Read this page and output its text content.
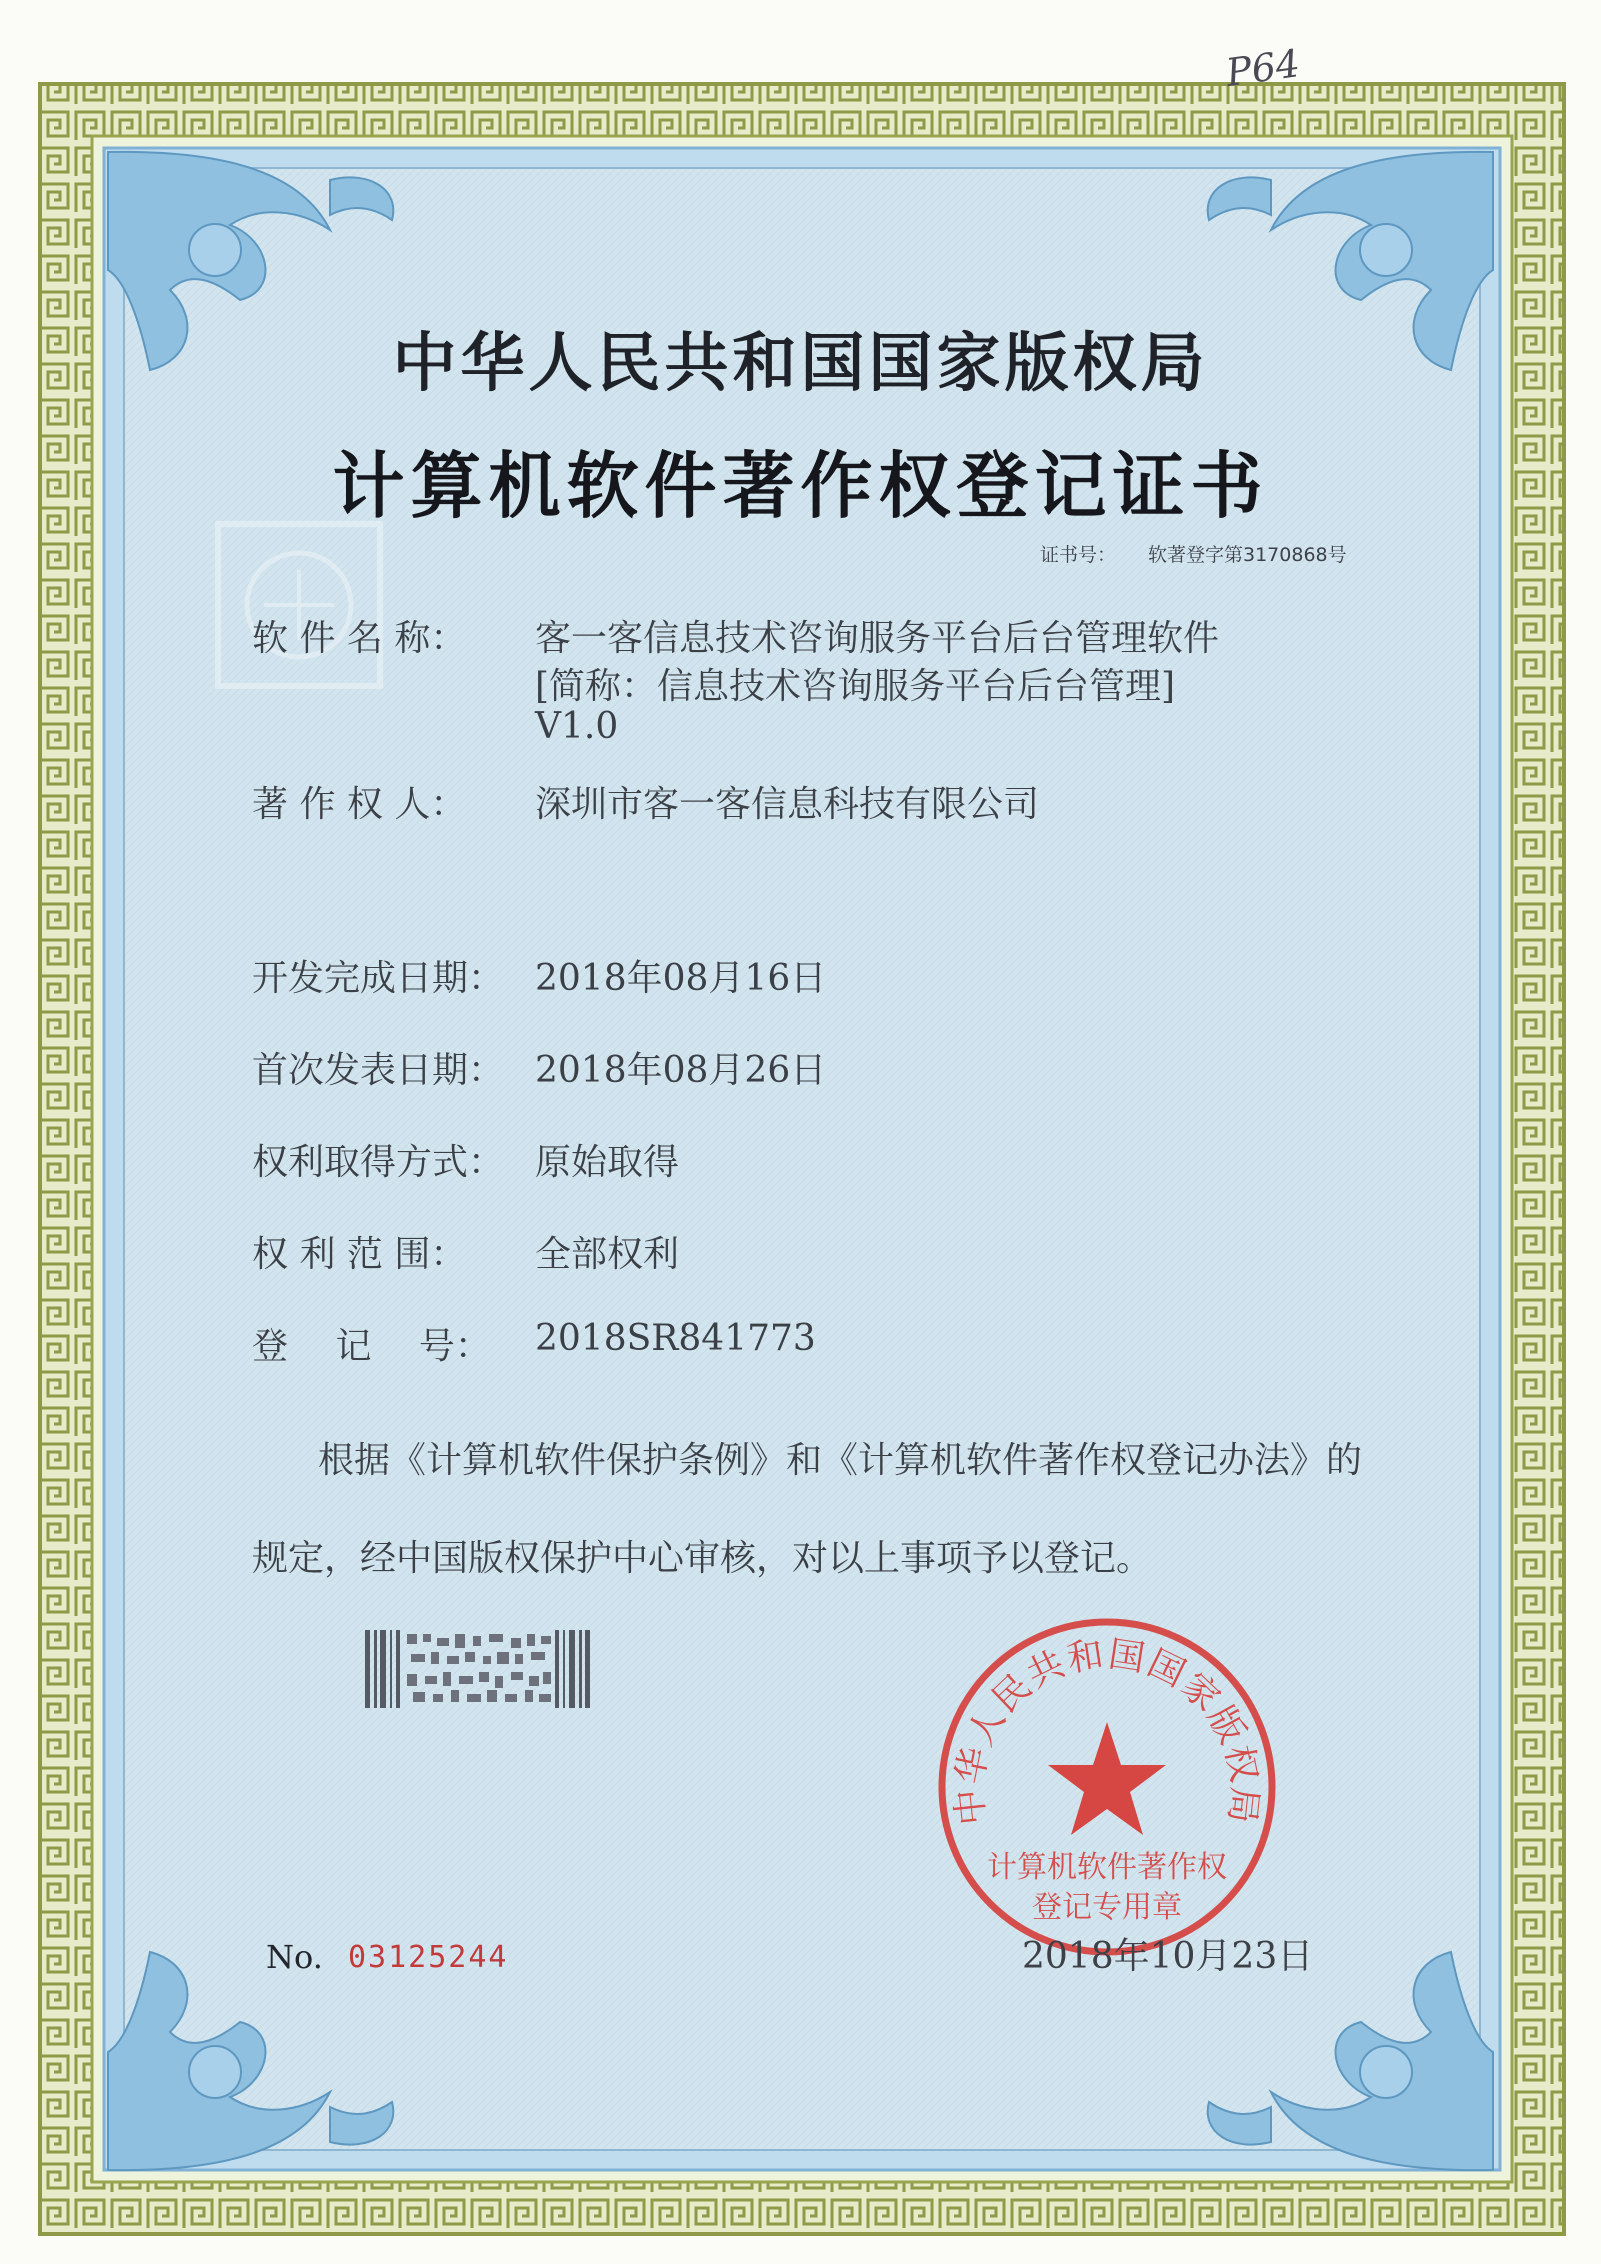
P64
中华人民共和国国家版权局
计算机软件著作权登记证书
证书号： 软著登字第3170868号
软 件 名 称： 客一客信息技术咨询服务平台后台管理软件
[简称：信息技术咨询服务平台后台管理]
V1.0
著 作 权 人： 深圳市客一客信息科技有限公司
开发完成日期： 2018年08月16日
首次发表日期： 2018年08月26日
权利取得方式： 原始取得
权 利 范 围： 全部权利
登　 记　 号： 2018SR841773
根据《计算机软件保护条例》和《计算机软件著作权登记办法》的
规定，经中国版权保护中心审核，对以上事项予以登记。
中华人民共和国国家版权局
计算机软件著作权
登记专用章
2018年10月23日
No. 03125244
